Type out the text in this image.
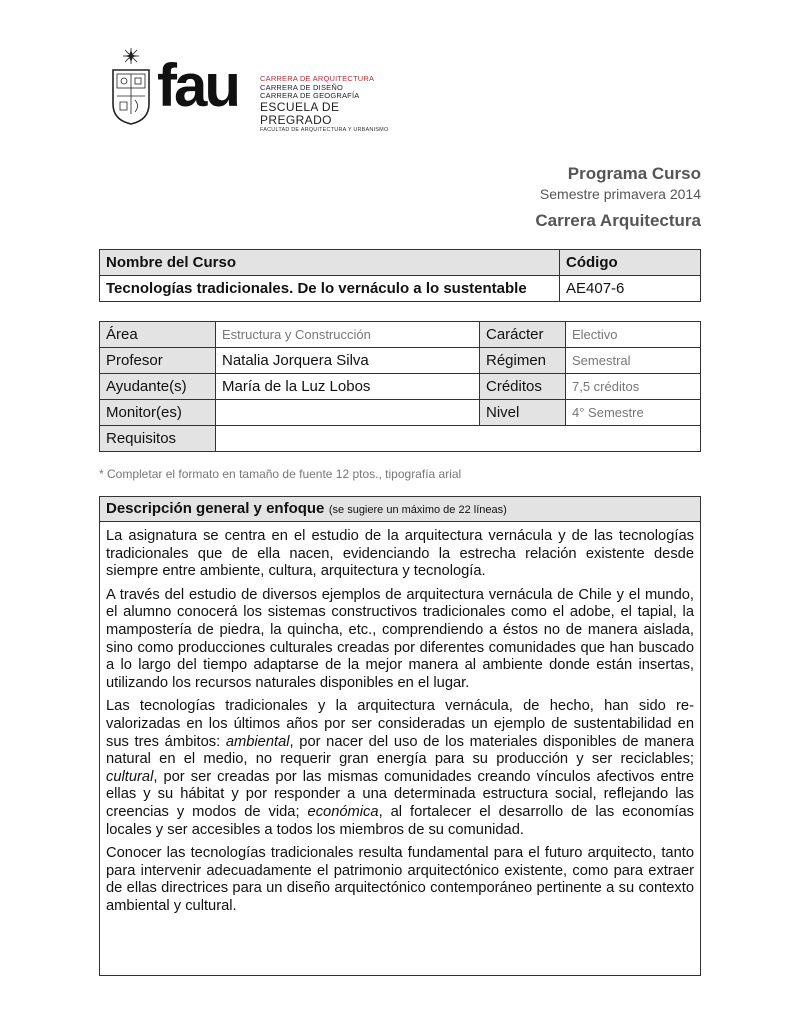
fau	CARRERA DE ARQUITECTURA
CARRERA DE DISEÑO
CARRERA DE GEOGRAFÍA
ESCUELA DE PREGRADO
FACULTAD DE ARQUITECTURA Y URBANISMO
Programa Curso
Semestre primavera 2014
Carrera Arquitectura
Nombre del Curso	Código
Tecnologías tradicionales. De lo vernáculo a lo sustentable	AE407-6
Área	Estructura y Construcción	Carácter	Electivo
Profesor	Natalia Jorquera Silva	Régimen	Semestral
Ayudante(s)	María de la Luz Lobos	Créditos	7,5 créditos
Monitor(es)		Nivel	4° Semestre
Requisitos			
* Completar el formato en tamaño de fuente 12 ptos., tipografía arial
Descripción general y enfoque (se sugiere un máximo de 22 líneas)

La asignatura se centra en el estudio de la arquitectura vernácula y de las tecnologías tradicionales que de ella nacen, evidenciando la estrecha relación existente desde siempre entre ambiente, cultura, arquitectura y tecnología.

A través del estudio de diversos ejemplos de arquitectura vernácula de Chile y el mundo, el alumno conocerá los sistemas constructivos tradicionales como el adobe, el tapial, la mampostería de piedra, la quincha, etc., comprendiendo a éstos no de manera aislada, sino como producciones culturales creadas por diferentes comunidades que han buscado a lo largo del tiempo adaptarse de la mejor manera al ambiente donde están insertas, utilizando los recursos naturales disponibles en el lugar.

Las tecnologías tradicionales y la arquitectura vernácula, de hecho, han sido re-valorizadas en los últimos años por ser consideradas un ejemplo de sustentabilidad en sus tres ámbitos: ambiental, por nacer del uso de los materiales disponibles de manera natural en el medio, no requerir gran energía para su producción y ser reciclables; cultural, por ser creadas por las mismas comunidades creando vínculos afectivos entre ellas y su hábitat y por responder a una determinada estructura social, reflejando las creencias y modos de vida; económica, al fortalecer el desarrollo de las economías locales y ser accesibles a todos los miembros de su comunidad.

Conocer las tecnologías tradicionales resulta fundamental para el futuro arquitecto, tanto para intervenir adecuadamente el patrimonio arquitectónico existente, como para extraer de ellas directrices para un diseño arquitectónico contemporáneo pertinente a su contexto ambiental y cultural.
